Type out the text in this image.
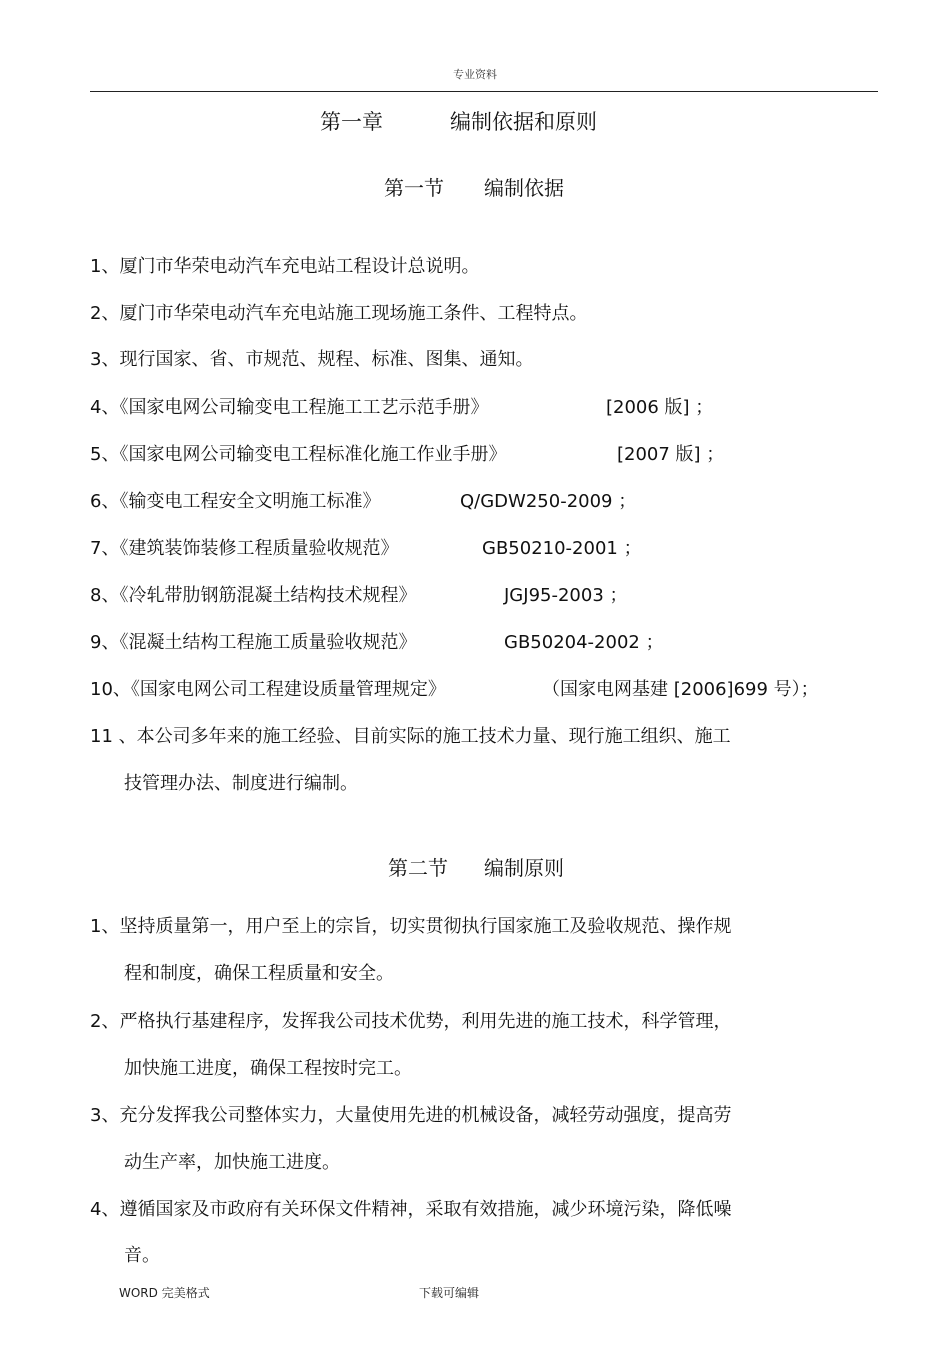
专业资料
第一章	编制依据和原则
第一节 编制依据
1、厦门市华荣电动汽车充电站工程设计总说明。
2、厦门市华荣电动汽车充电站施工现场施工条件、工程特点。
3、现行国家、省、市规范、规程、标准、图集、通知。
4、《国家电网公司输变电工程施工工艺示范手册》	[2006 版] ；
5、《国家电网公司输变电工程标准化施工作业手册》	[2007 版] ；
6、《输变电工程安全文明施工标准》	Q/GDW250-2009 ；
7、《建筑装饰装修工程质量验收规范》	GB50210-2001 ；
8、《冷轧带肋钢筋混凝土结构技术规程》	JGJ95-2003 ；
9、《混凝土结构工程施工质量验收规范》	GB50204-2002 ；
10、《国家电网公司工程建设质量管理规定》	（国家电网基建 [2006]699 号）；
11 、本公司多年来的施工经验、目前实际的施工技术力量、现行施工组织、施工
技管理办法、制度进行编制。
第二节 编制原则
1、坚持质量第一，用户至上的宗旨，切实贯彻执行国家施工及验收规范、操作规
程和制度，确保工程质量和安全。
2、严格执行基建程序，发挥我公司技术优势，利用先进的施工技术，科学管理，
加快施工进度，确保工程按时完工。
3、充分发挥我公司整体实力，大量使用先进的机械设备，减轻劳动强度，提高劳
动生产率，加快施工进度。
4、遵循国家及市政府有关环保文件精神，采取有效措施，减少环境污染，降低噪
音。
WORD 完美格式	下载可编辑
